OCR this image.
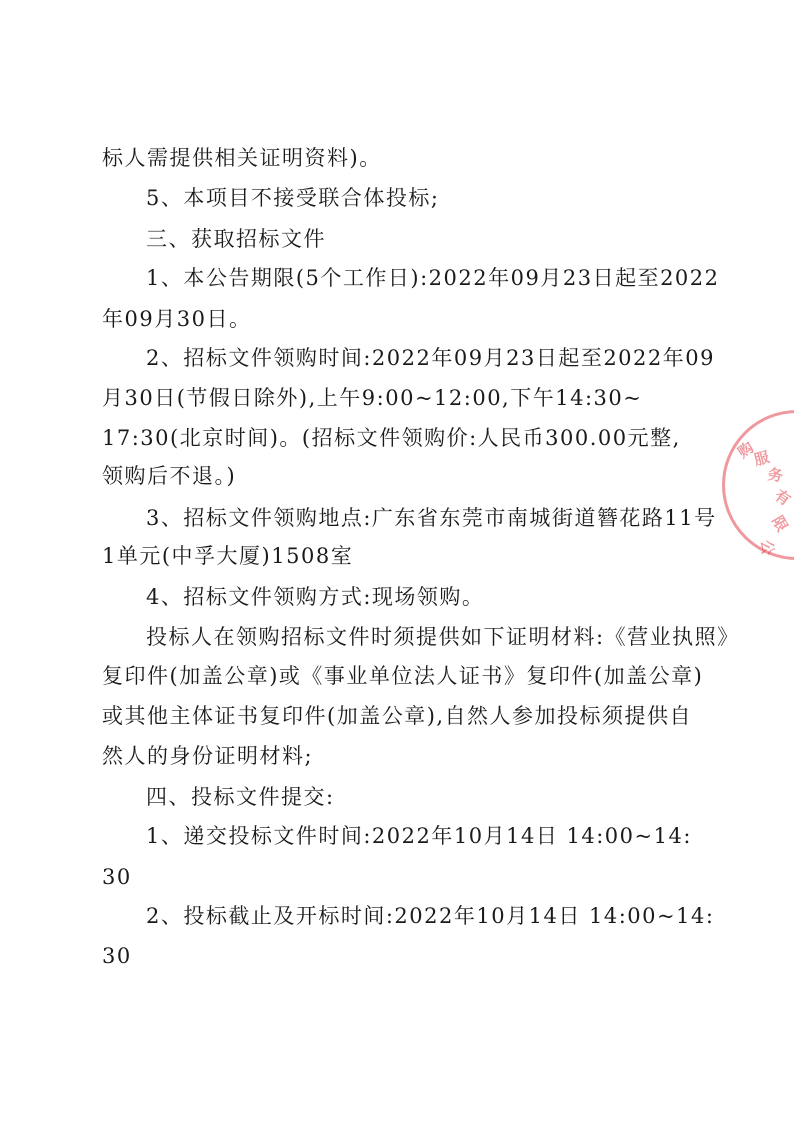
标人需提供相关证明资料)。
5、本项目不接受联合体投标;
三、获取招标文件
1、本公告期限(5个工作日):2022年09月23日起至2022
年09月30日。
2、招标文件领购时间:2022年09月23日起至2022年09
月30日(节假日除外),上午9:00~12:00,下午14:30~
17:30(北京时间)。(招标文件领购价:人民币300.00元整,
领购后不退。)
3、招标文件领购地点:广东省东莞市南城街道簪花路11号
1单元(中孚大厦)1508室
4、招标文件领购方式:现场领购。
投标人在领购招标文件时须提供如下证明材料:《营业执照》
复印件(加盖公章)或《事业单位法人证书》复印件(加盖公章)
或其他主体证书复印件(加盖公章),自然人参加投标须提供自
然人的身份证明材料;
四、投标文件提交:
1、递交投标文件时间:2022年10月14日 14:00~14:
30
2、投标截止及开标时间:2022年10月14日 14:00~14:
30
购
服
务
有
限
公
